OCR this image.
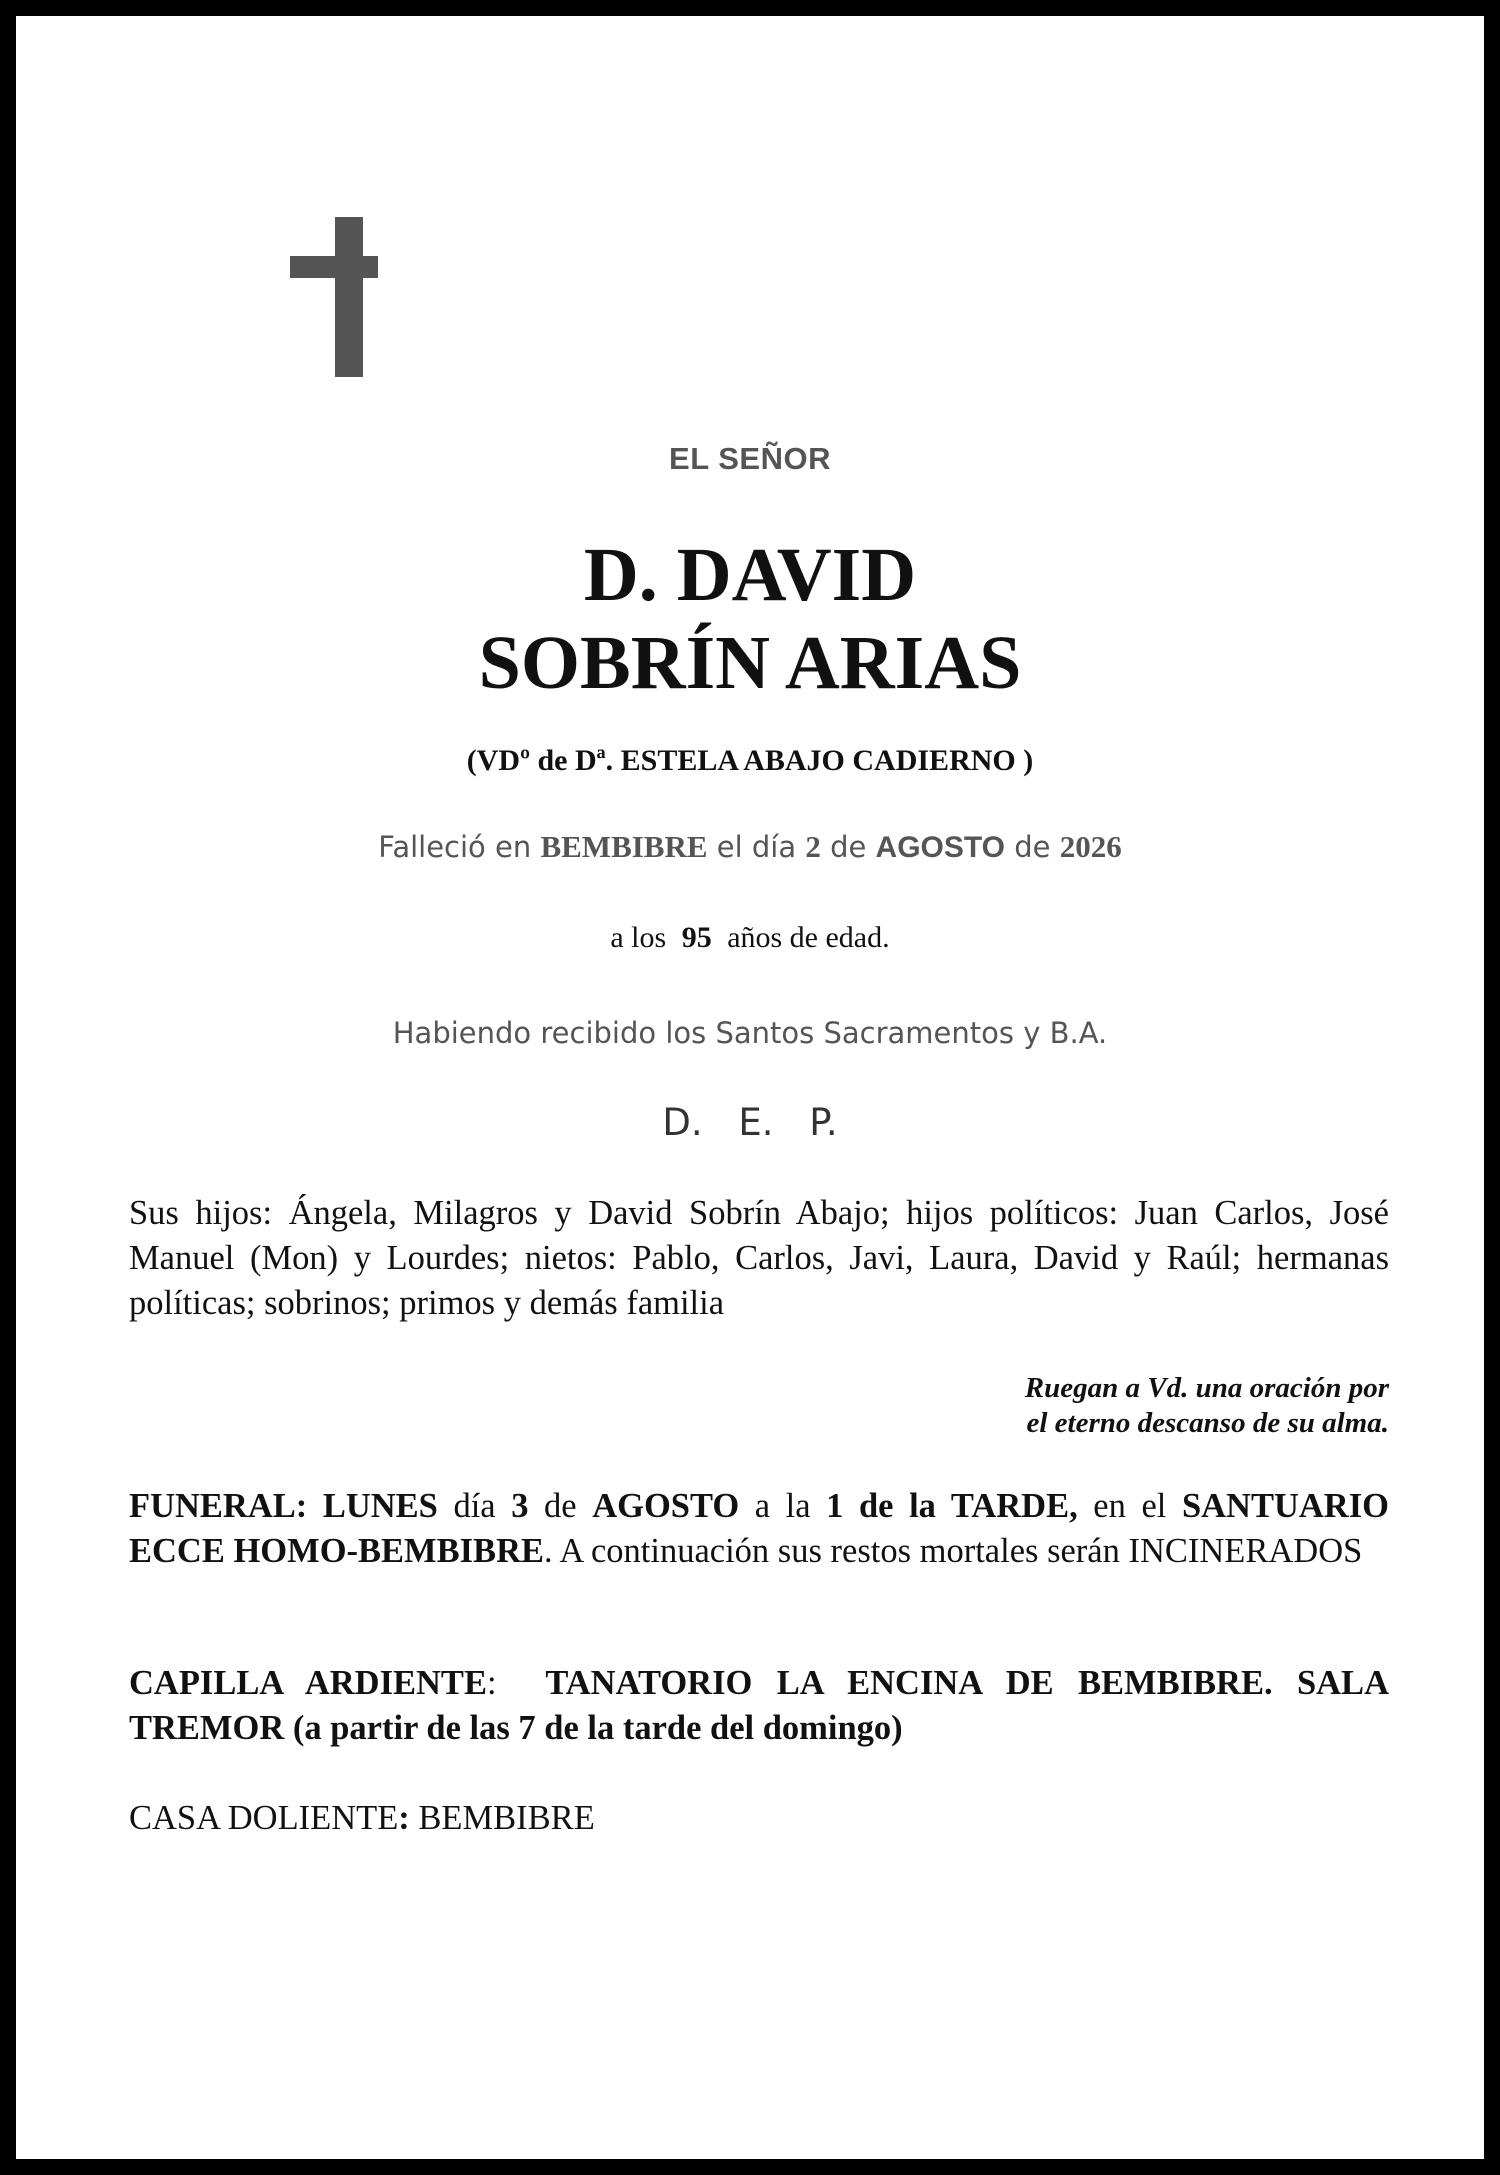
EL SEÑOR
D. DAVID
SOBRÍN ARIAS
(VDº de Dª. ESTELA ABAJO CADIERNO )
Falleció en BEMBIBRE el día 2 de AGOSTO de 2026
a los 95 años de edad.
Habiendo recibido los Santos Sacramentos y B.A.
D. E. P.
Sus hijos: Ángela, Milagros y David Sobrín Abajo; hijos políticos: Juan Carlos, José Manuel (Mon) y Lourdes; nietos: Pablo, Carlos, Javi, Laura, David y Raúl; hermanas políticas; sobrinos; primos y demás familia
Ruegan a Vd. una oración por
el eterno descanso de su alma.
FUNERAL: LUNES día 3 de AGOSTO a la 1 de la TARDE, en el SANTUARIO ECCE HOMO-BEMBIBRE. A continuación sus restos mortales serán INCINERADOS
CAPILLA ARDIENTE:  TANATORIO LA ENCINA DE BEMBIBRE. SALA TREMOR (a partir de las 7 de la tarde del domingo)
CASA DOLIENTE: BEMBIBRE
